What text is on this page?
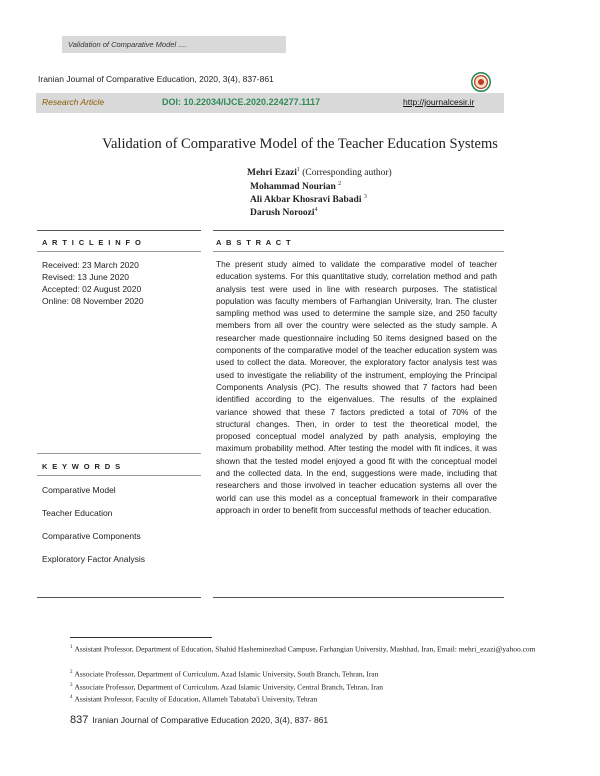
Validation of Comparative Model ....
Iranian Journal of Comparative Education, 2020, 3(4), 837-861
Research Article	DOI: 10.22034/IJCE.2020.224277.1117	http://journalcesir.ir
Validation of Comparative Model of the Teacher Education Systems
Mehri Ezazi$^1$ (Corresponding author)
Mohammad Nourian $^2$
Ali Akbar Khosravi Babadi $^3$
Darush Noroozi$^4$
A R T I C L E I N F O
Received: 23 March 2020
Revised: 13 June 2020
Accepted: 02 August 2020
Online: 08 November 2020
K E Y W O R D S
Comparative Model
Teacher Education
Comparative Components
Exploratory Factor Analysis
A B S T R A C T
The present study aimed to validate the comparative model of teacher education systems. For this quantitative study, correlation method and path analysis test were used in line with research purposes. The statistical population was faculty members of Farhangian University, Iran. The cluster sampling method was used to determine the sample size, and 250 faculty members from all over the country were selected as the study sample. A researcher made questionnaire including 50 items designed based on the components of the comparative model of the teacher education system was used to collect the data. Moreover, the exploratory factor analysis test was used to investigate the reliability of the instrument, employing the Principal Components Analysis (PC). The results showed that 7 factors had been identified according to the eigenvalues. The results of the explained variance showed that these 7 factors predicted a total of 70% of the structural changes. Then, in order to test the theoretical model, the proposed conceptual model analyzed by path analysis, employing the maximum probability method. After testing the model with fit indices, it was shown that the tested model enjoyed a good fit with the conceptual model and the collected data. In the end, suggestions were made, including that researchers and those involved in teacher education systems all over the world can use this model as a conceptual framework in their comparative approach in order to benefit from successful methods of teacher education.
$^1$ Assistant Professor, Department of Education, Shahid Hasheminezhad Campuse, Farhangian University, Mashhad, Iran, Email: mehri_ezazi@yahoo.com
$^2$ Associate Professor, Department of Curriculum, Azad Islamic University, South Branch, Tehran, Iran
$^3$ Associate Professor, Department of Curriculum, Azad Islamic University, Central Branch, Tehran, Iran
$^4$ Assistant Professor, Faculty of Education, Allameh Tabataba'i University, Tehran
837 Iranian Journal of Comparative Education 2020, 3(4), 837- 861
